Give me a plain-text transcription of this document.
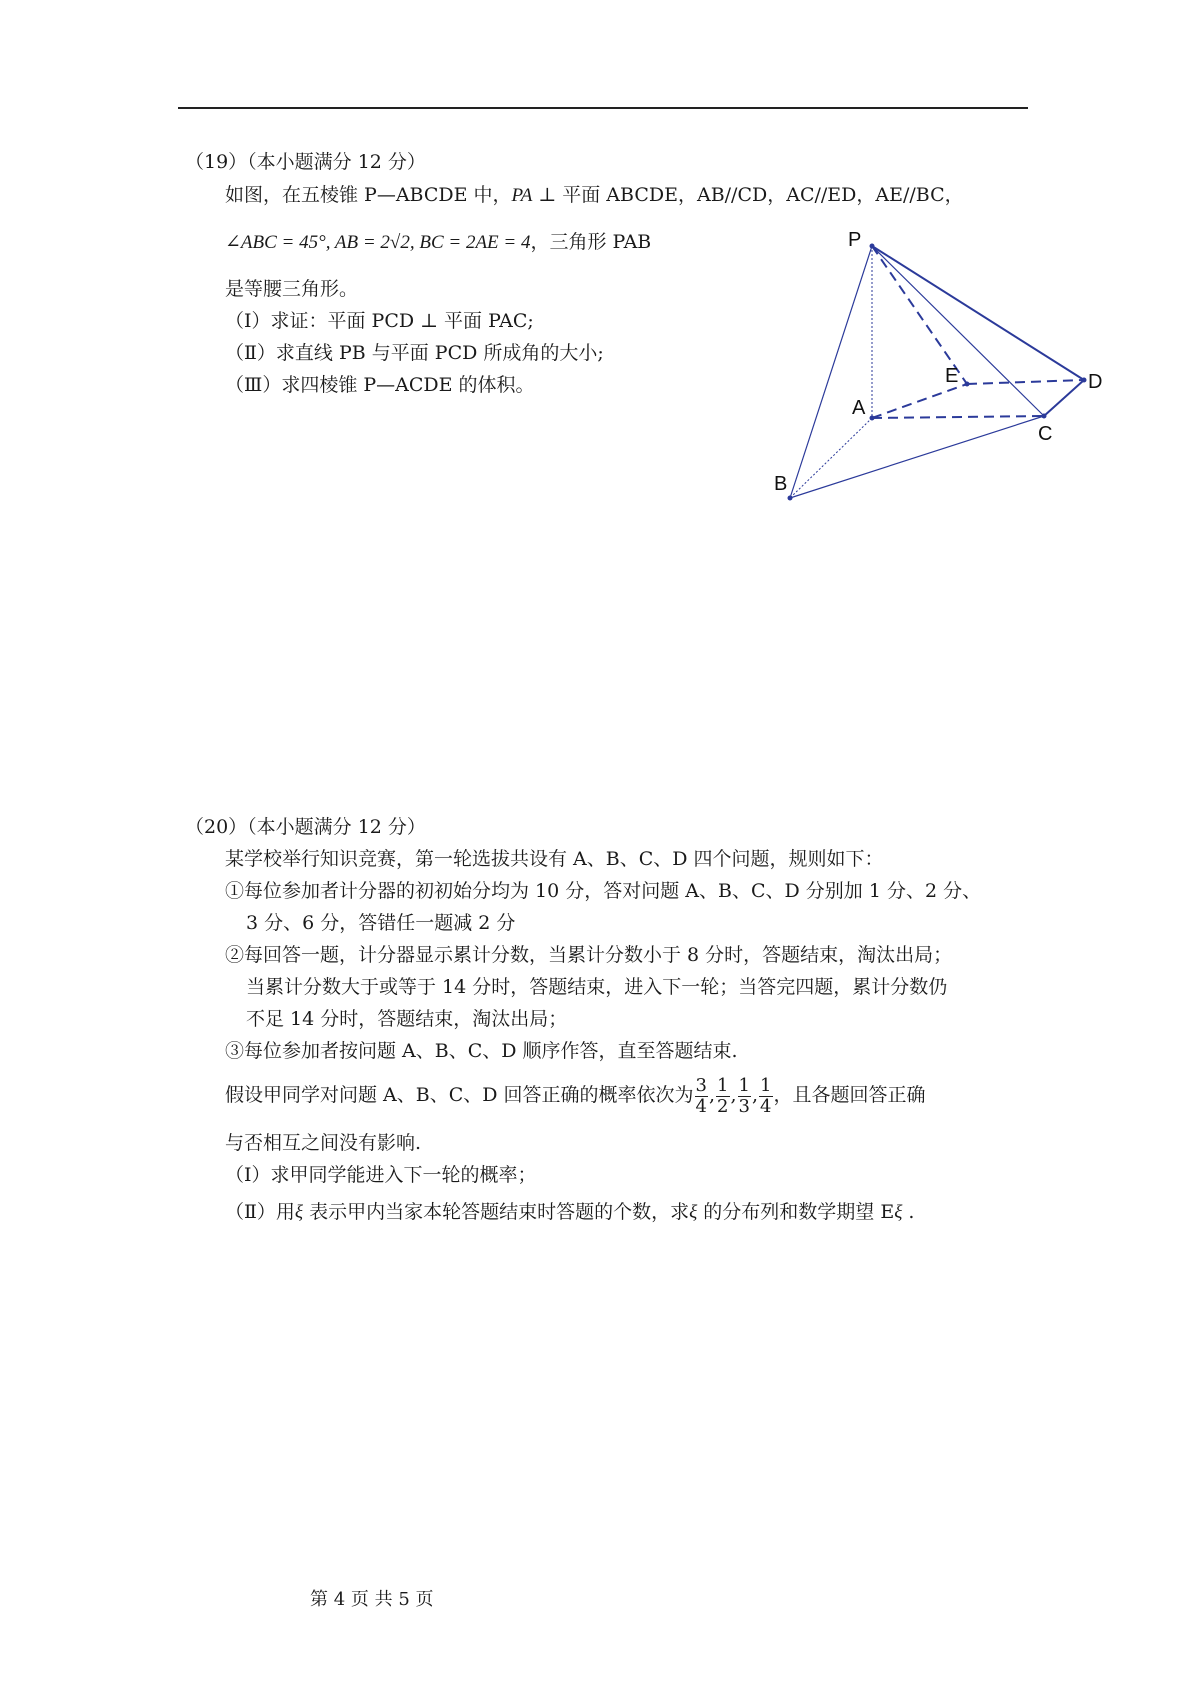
（19）（本小题满分 12 分）
如图，在五棱锥 P—ABCDE 中，PA ⊥ 平面 ABCDE，AB//CD，AC//ED，AE//BC，
∠ABC = 45°, AB = 2√2, BC = 2AE = 4，三角形 PAB
是等腰三角形。
（Ⅰ）求证：平面 PCD ⊥ 平面 PAC;
（Ⅱ）求直线 PB 与平面 PCD 所成角的大小;
（Ⅲ）求四棱锥 P—ACDE 的体积。
P
E	D
A
C
B
（20）（本小题满分 12 分）
某学校举行知识竞赛，第一轮选拔共设有 A、B、C、D 四个问题，规则如下：
①每位参加者计分器的初初始分均为 10 分，答对问题 A、B、C、D 分别加 1 分、2 分、
3 分、6 分，答错任一题减 2 分
②每回答一题，计分器显示累计分数，当累计分数小于 8 分时，答题结束，淘汰出局；
当累计分数大于或等于 14 分时，答题结束，进入下一轮；当答完四题，累计分数仍
不足 14 分时，答题结束，淘汰出局；
③每位参加者按问题 A、B、C、D 顺序作答，直至答题结束.
假设甲同学对问题 A、B、C、D 回答正确的概率依次为 $\frac{3}{4}$ , $\frac{1}{2}$ , $\frac{1}{3}$ , $\frac{1}{4}$ ，且各题回答正确
与否相互之间没有影响.
（Ⅰ）求甲同学能进入下一轮的概率；
（Ⅱ）用ξ 表示甲内当家本轮答题结束时答题的个数，求ξ 的分布列和数学期望 Eξ .
第 4 页 共 5 页
